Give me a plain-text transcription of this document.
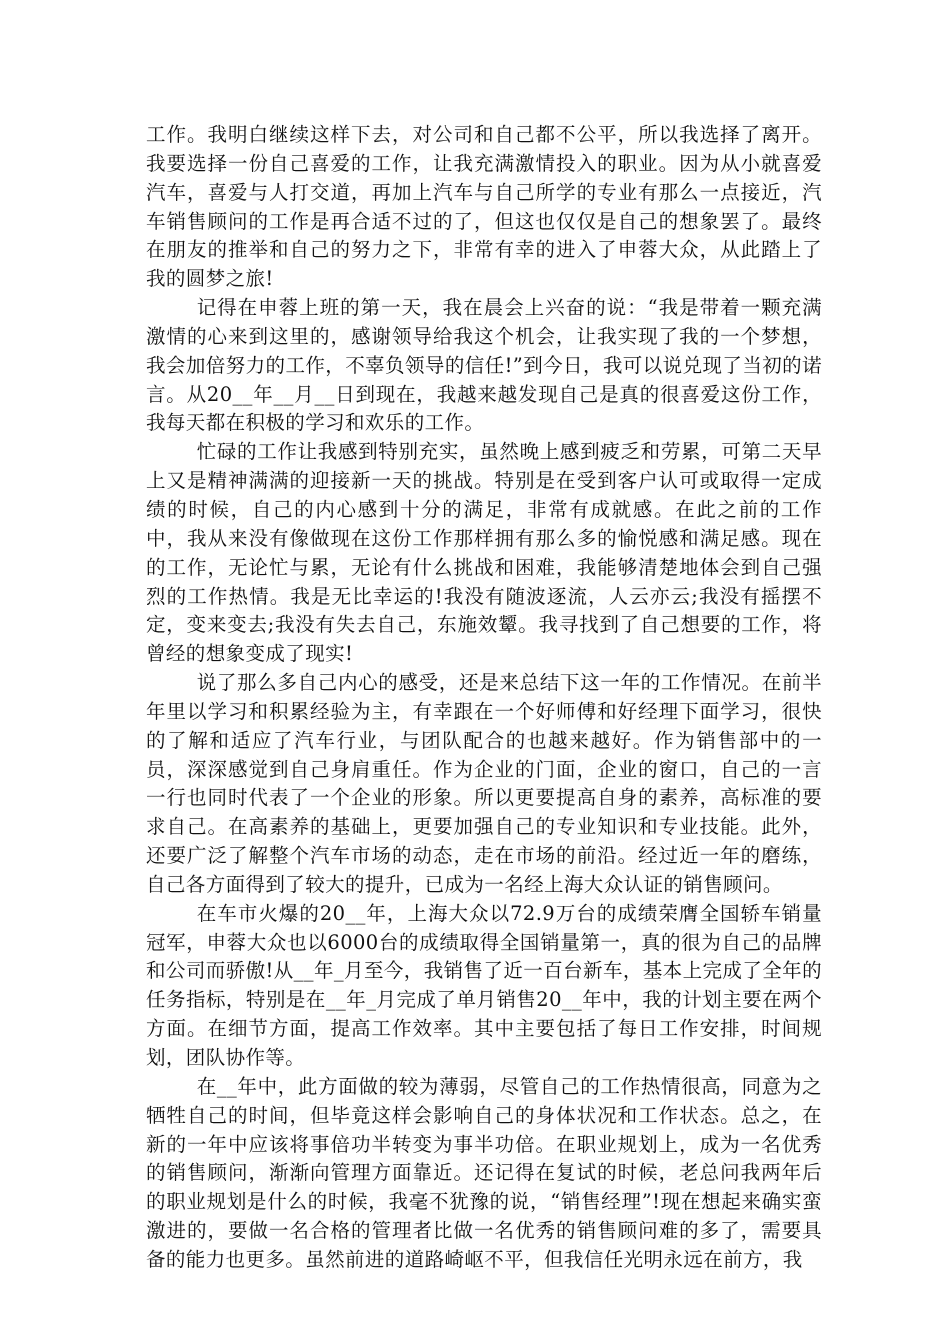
工作。我明白继续这样下去，对公司和自己都不公平，所以我选择了离开。我要选择一份自己喜爱的工作，让我充满激情投入的职业。因为从小就喜爱汽车，喜爱与人打交道，再加上汽车与自己所学的专业有那么一点接近，汽车销售顾问的工作是再合适不过的了，但这也仅仅是自己的想象罢了。最终在朋友的推举和自己的努力之下，非常有幸的进入了申蓉大众，从此踏上了我的圆梦之旅!

记得在申蓉上班的第一天，我在晨会上兴奋的说：“我是带着一颗充满激情的心来到这里的，感谢领导给我这个机会，让我实现了我的一个梦想，我会加倍努力的工作，不辜负领导的信任!”到今日，我可以说兑现了当初的诺言。从20__年__月__日到现在，我越来越发现自己是真的很喜爱这份工作，我每天都在积极的学习和欢乐的工作。

忙碌的工作让我感到特别充实，虽然晚上感到疲乏和劳累，可第二天早上又是精神满满的迎接新一天的挑战。特别是在受到客户认可或取得一定成绩的时候，自己的内心感到十分的满足，非常有成就感。在此之前的工作中，我从来没有像做现在这份工作那样拥有那么多的愉悦感和满足感。现在的工作，无论忙与累，无论有什么挑战和困难，我能够清楚地体会到自己强烈的工作热情。我是无比幸运的!我没有随波逐流，人云亦云;我没有摇摆不定，变来变去;我没有失去自己，东施效颦。我寻找到了自己想要的工作，将曾经的想象变成了现实!

说了那么多自己内心的感受，还是来总结下这一年的工作情况。在前半年里以学习和积累经验为主，有幸跟在一个好师傅和好经理下面学习，很快的了解和适应了汽车行业，与团队配合的也越来越好。作为销售部中的一员，深深感觉到自己身肩重任。作为企业的门面，企业的窗口，自己的一言一行也同时代表了一个企业的形象。所以更要提高自身的素养，高标准的要求自己。在高素养的基础上，更要加强自己的专业知识和专业技能。此外，还要广泛了解整个汽车市场的动态，走在市场的前沿。经过近一年的磨练，自己各方面得到了较大的提升，已成为一名经上海大众认证的销售顾问。

在车市火爆的20__年，上海大众以72.9万台的成绩荣膺全国轿车销量冠军，申蓉大众也以6000台的成绩取得全国销量第一，真的很为自己的品牌和公司而骄傲!从__年_月至今，我销售了近一百台新车，基本上完成了全年的任务指标，特别是在__年_月完成了单月销售20__年中，我的计划主要在两个方面。在细节方面，提高工作效率。其中主要包括了每日工作安排，时间规划，团队协作等。

在__年中，此方面做的较为薄弱，尽管自己的工作热情很高，同意为之牺牲自己的时间，但毕竟这样会影响自己的身体状况和工作状态。总之，在新的一年中应该将事倍功半转变为事半功倍。在职业规划上，成为一名优秀的销售顾问，渐渐向管理方面靠近。还记得在复试的时候，老总问我两年后的职业规划是什么的时候，我毫不犹豫的说，“销售经理”!现在想起来确实蛮激进的，要做一名合格的管理者比做一名优秀的销售顾问难的多了，需要具备的能力也更多。虽然前进的道路崎岖不平，但我信任光明永远在前方，我
